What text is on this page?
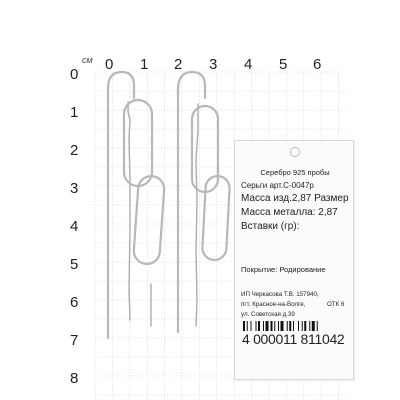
см 0 1 2 3 4 5 6
0
1
2
3
4
5
6
7
8
Серебро 925 пробы
Серьги арт.С-0047р
Масса изд.2,87 Размер
Масса металла: 2,87
Вставки (гр):
Покрытие: Родирование
ИП Черкасова Т.В. 157940,
пгт. Красное-на-Волге,	ОТК 6
ул. Советская д.39
4 000011 811042
